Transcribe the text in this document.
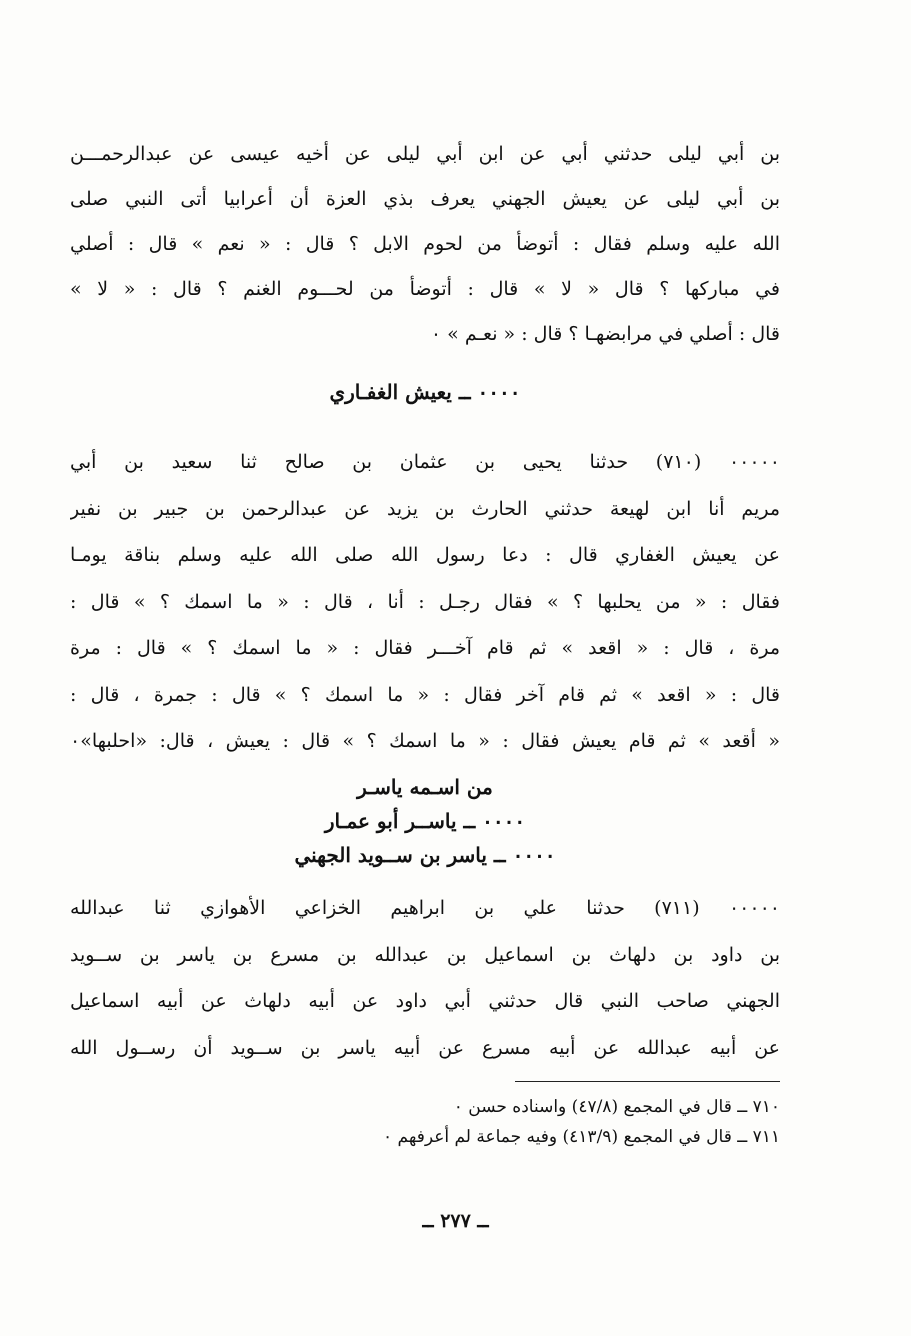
بن أبي ليلى حدثني أبي عن ابن أبي ليلى عن أخيه عيسى عن عبدالرحمـــن
بن أبي ليلى عن يعيش الجهني يعرف بذي العزة أن أعرابيا أتى النبي صلى
الله عليه وسلم فقال : أتوضأ من لحوم الابل ؟ قال : « نعم » قال : أصلي
في مباركها ؟ قال « لا » قال : أتوضأ من لحـــوم الغنم ؟ قال : « لا »
قال : أصلي في مرابضهـا ؟ قال : « نعـم » ٠
٠٠٠٠ ــ يعيش الغفـاري
٠٠٠٠٠ (٧١٠) حدثنا يحيى بن عثمان بن صالح ثنا سعيد بن أبي
مريم أنا ابن لهيعة حدثني الحارث بن يزيد عن عبدالرحمن بن جبير بن نفير
عن يعيش الغفاري قال : دعا رسول الله صلى الله عليه وسلم بناقة يومـا
فقال : « من يحلبها ؟ » فقال رجـل : أنا ، قال : « ما اسمك ؟ » قال :
مرة ، قال : « اقعد » ثم قام آخـــر فقال : « ما اسمك ؟ » قال : مرة
قال : « اقعد » ثم قام آخر فقال : « ما اسمك ؟ » قال : جمرة ، قال :
« أقعد » ثم قام يعيش فقال : « ما اسمك ؟ » قال : يعيش ، قال: «احلبها»٠
من اسـمه ياسـر
٠٠٠٠ ــ ياســر أبو عمـار
٠٠٠٠ ــ ياسر بن ســويد الجهني
٠٠٠٠٠ (٧١١) حدثنا علي بن ابراهيم الخزاعي الأهوازي ثنا عبدالله
بن داود بن دلهاث بن اسماعيل بن عبدالله بن مسرع بن ياسر بن ســويد
الجهني صاحب النبي قال حدثني أبي داود عن أبيه دلهاث عن أبيه اسماعيل
عن أبيه عبدالله عن أبيه مسرع عن أبيه ياسر بن ســويد أن رســول الله
٧١٠ ــ قال في المجمع (٤٧/٨) واسناده حسن ٠
٧١١ ــ قال في المجمع (٤١٣/٩) وفيه جماعة لم أعرفهم ٠
ــ ٢٧٧ ــ
